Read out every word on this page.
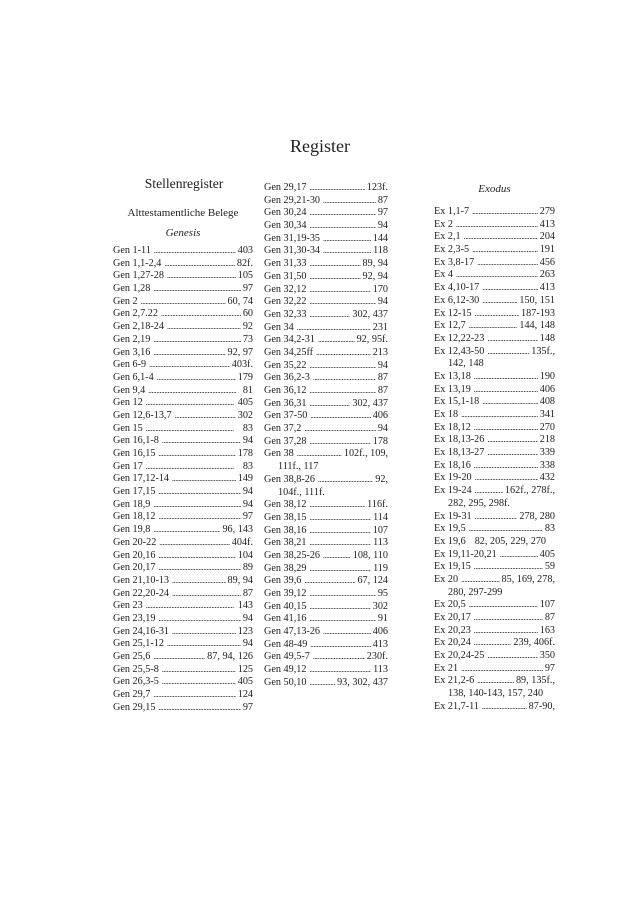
Register
Stellenregister
Alttestamentliche Belege
Genesis
Gen 1-11 . . .	403
Gen 1,1-2,4 . . .	82f.
Gen 1,27-28 . . .	105
Gen 1,28 . . .	97
Gen 2 . . .	60, 74
Gen 2,7.22 . . .	60
Gen 2,18-24 . . .	92
Gen 2,19 . . .	73
Gen 3,16 . . .	92, 97
Gen 6-9 . . .	403f.
Gen 6,1-4 . . .	179
Gen 9,4 . . .	81
Gen 12 . . .	405
Gen 12,6-13,7 . . .	302
Gen 15 . . .	83
Gen 16,1-8 . . .	94
Gen 16,15 . . .	178
Gen 17 . . .	83
Gen 17,12-14 . . .	149
Gen 17,15 . . .	94
Gen 18,9 . . .	94
Gen 18,12 . . .	97
Gen 19,8 . . .	96, 143
Gen 20-22 . . .	404f.
Gen 20,16 . . .	104
Gen 20,17 . . .	89
Gen 21,10-13 . . .	89, 94
Gen 22,20-24 . . .	87
Gen 23 . . .	143
Gen 23,19 . . .	94
Gen 24,16-31 . . .	123
Gen 25,1-12 . . .	94
Gen 25,6 . . .	87, 94, 126
Gen 25,5-8 . . .	125
Gen 26,3-5 . . .	405
Gen 29,7 . . .	124
Gen 29,15 . . .	97
Gen 29,17 . . .	123f.
Gen 29,21-30 . . .	87
Gen 30,24 . . .	97
Gen 30,34 . . .	94
Gen 31,19-35 . . .	144
Gen 31,30-34 . . .	118
Gen 31,33 . . .	89, 94
Gen 31,50 . . .	92, 94
Gen 32,12 . . .	170
Gen 32,22 . . .	94
Gen 32,33 . . .	302, 437
Gen 34 . . .	231
Gen 34,2-31 . . .	92, 95f.
Gen 34,25ff . . .	213
Gen 35,22 . . .	94
Gen 36,2-3 . . .	87
Gen 36,12 . . .	87
Gen 36,31 . . .	302, 437
Gen 37-50 . . .	406
Gen 37,2 . . .	94
Gen 37,28 . . .	178
Gen 38 . . .	102f., 109,
111f., 117
Gen 38,8-26 . . .	92,
104f., 111f.
Gen 38,12 . . .	116f.
Gen 38,15 . . .	114
Gen 38,16 . . .	107
Gen 38,21 . . .	113
Gen 38,25-26 . . .	108, 110
Gen 38,29 . . .	119
Gen 39,6 . . .	67, 124
Gen 39,12 . . .	95
Gen 40,15 . . .	302
Gen 41,16 . . .	91
Gen 47,13-26 . . .	406
Gen 48-49 . . .	413
Gen 49,5-7 . . .	230f.
Gen 49,12 . . .	113
Gen 50,10 . . .	93, 302, 437
Exodus
Ex 1,1-7 . . .	279
Ex 2 . . .	413
Ex 2,1 . . .	204
Ex 2,3-5 . . .	191
Ex 3,8-17 . . .	456
Ex 4 . . .	263
Ex 4,10-17 . . .	413
Ex 6,12-30 . . .	150, 151
Ex 12-15 . . .	187-193
Ex 12,7 . . .	144, 148
Ex 12,22-23 . . .	148
Ex 12,43-50 . . .	135f.,
142, 148
Ex 13,18 . . .	190
Ex 13,19 . . .	406
Ex 15,1-18 . . .	408
Ex 18 . . .	341
Ex 18,12 . . .	270
Ex 18,13-26 . . .	218
Ex 18,13-27 . . .	339
Ex 18,16 . . .	338
Ex 19-20 . . .	432
Ex 19-24 . . .	162f., 278f.,
282, 295, 298f.
Ex 19-31 . . .	278, 280
Ex 19,5 . . .	83
Ex 19,6 82, 205, 229, 270
Ex 19,11-20,21 . . .	405
Ex 19,15 . . .	59
Ex 20 . . .	85, 169, 278,
280, 297-299
Ex 20,5 . . .	107
Ex 20,17 . . .	87
Ex 20,23 . . .	163
Ex 20,24 . . .	239, 406f.
Ex 20,24-25 . . .	350
Ex 21 . . .	97
Ex 21,2-6 . . .	89, 135f.,
138, 140-143, 157, 240
Ex 21,7-11 . . .	87-90,
